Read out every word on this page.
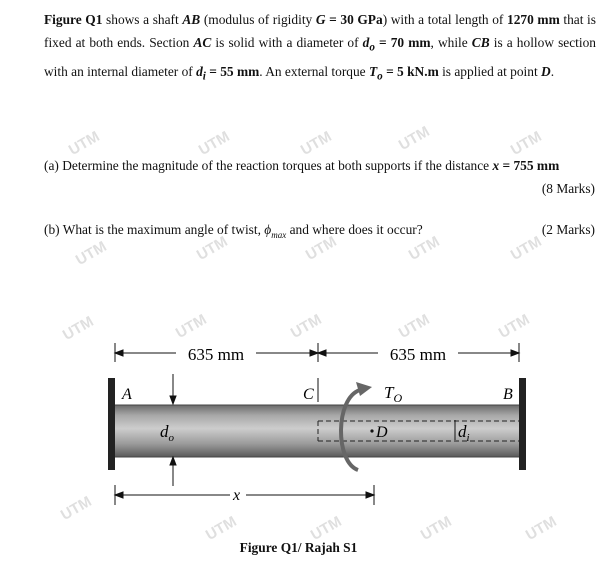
UTM	UTM	UTM	UTM	UTM
UTM	UTM	UTM	UTM	UTM
UTM	UTM	UTM	UTM	UTM
UTM
UTM	UTM	UTM	UTM
Figure Q1 shows a shaft AB (modulus of rigidity G = 30 GPa) with a total length of 1270 mm that is fixed at both ends. Section AC is solid with a diameter of $d_o = 70$ mm, while CB is a hollow section with an internal diameter of $d_i = 55$ mm. An external torque $T_o = 5$ kN.m is applied at point D.
(a) Determine the magnitude of the reaction torques at both supports if the distance x = 755 mm
(8 Marks)
(b) What is the maximum angle of twist, $\phi_{max}$ and where does it occur?	(2 Marks)
635 mm	635 mm
A	B
C	$T_O$
D
$d_o$	$d_i$
x
Figure Q1/ Rajah S1
